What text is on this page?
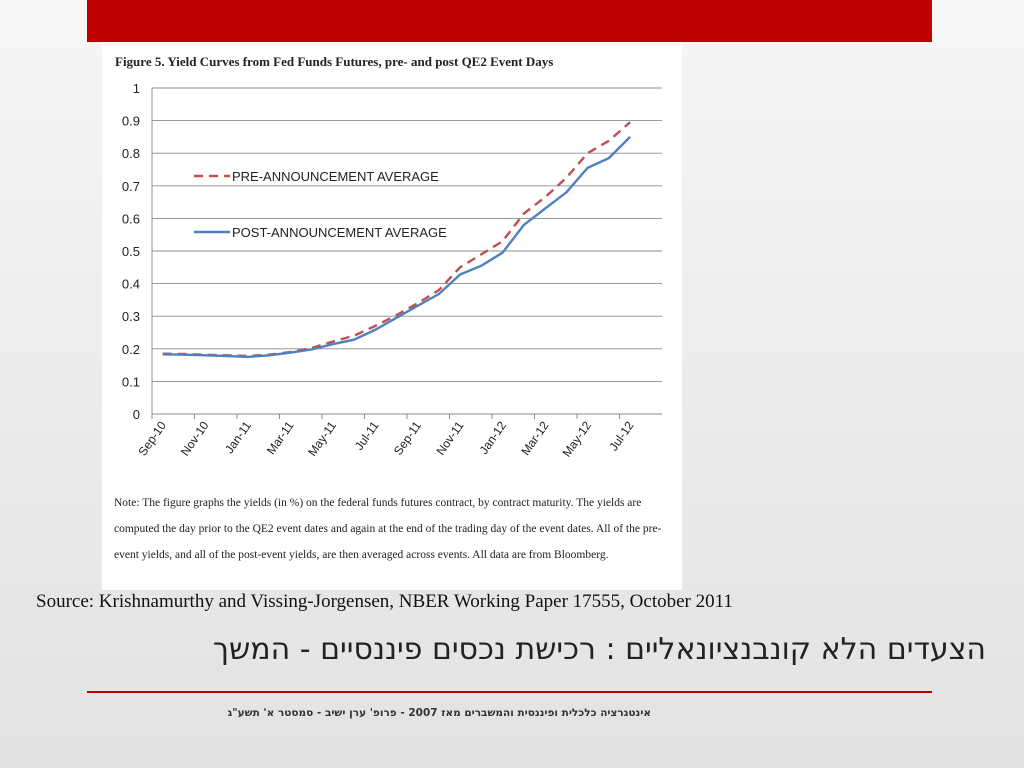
Figure 5. Yield Curves from Fed Funds Futures, pre- and post QE2 Event Days
0
0.1
0.2
0.3
0.4
0.5
0.6
0.7
0.8
0.9
1
Sep-10 Nov-10 Jan-11 Mar-11 May-11 Jul-11 Sep-11 Nov-11 Jan-12 Mar-12 May-12 Jul-12
PRE-ANNOUNCEMENT AVERAGE
POST-ANNOUNCEMENT AVERAGE
Note: The figure graphs the yields (in %) on the federal funds futures contract, by contract maturity. The yields are computed the day prior to the QE2 event dates and again at the end of the trading day of the event dates. All of the pre-event yields, and all of the post-event yields, are then averaged across events. All data are from Bloomberg.
Source: Krishnamurthy and Vissing-Jorgensen, NBER Working Paper 17555, October 2011
הצעדים הלא קונבנציונאליים : רכישת נכסים פיננסיים - המשך
אינטגרציה כלכלית ופיננסית והמשברים מאז 2007 - פרופ' ערן ישיב - סמסטר א' תשע"ג
